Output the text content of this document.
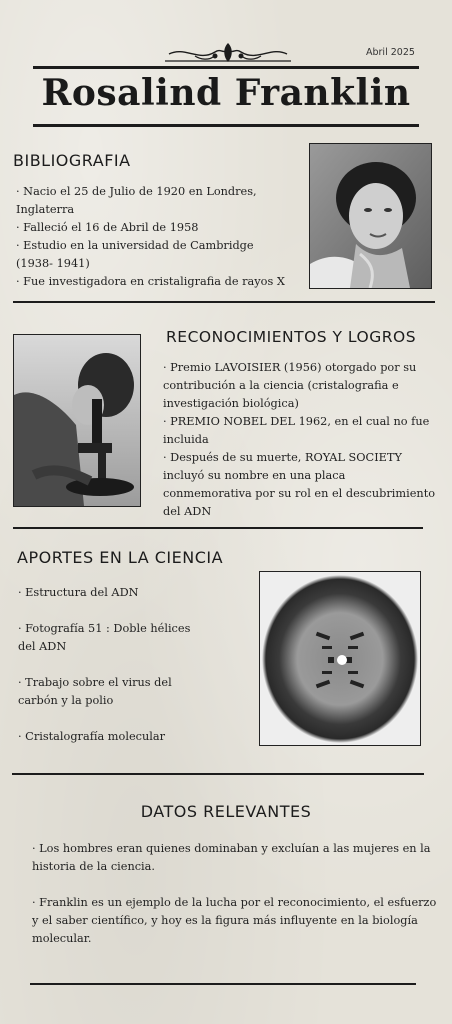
Abril 2025
Rosalind Franklin
BIBLIOGRAFIA
· Nacio el 25 de Julio de 1920 en Londres,
Inglaterra
· Falleció el 16 de Abril de 1958
· Estudio en la universidad de Cambridge
(1938- 1941)
· Fue investigadora en cristaligrafia de rayos X
RECONOCIMIENTOS Y LOGROS
· Premio LAVOISIER (1956) otorgado por su
contribución a la ciencia (cristalografia e
investigación biológica)
· PREMIO NOBEL DEL 1962, en el cual no fue
incluida
· Después de su muerte, ROYAL SOCIETY
incluyó su nombre en una placa
conmemorativa por su rol en el descubrimiento
del ADN
APORTES EN LA CIENCIA
· Estructura del ADN
· Fotografía 51 : Doble hélices
del ADN
· Trabajo sobre el virus del
carbón y la polio
· Cristalografía molecular
DATOS RELEVANTES
· Los hombres eran quienes dominaban y excluían a las mujeres en la
historia de la ciencia.
· Franklin es un ejemplo de la lucha por el reconocimiento, el esfuerzo
y el saber científico, y hoy es la figura más influyente en la biología
molecular.
